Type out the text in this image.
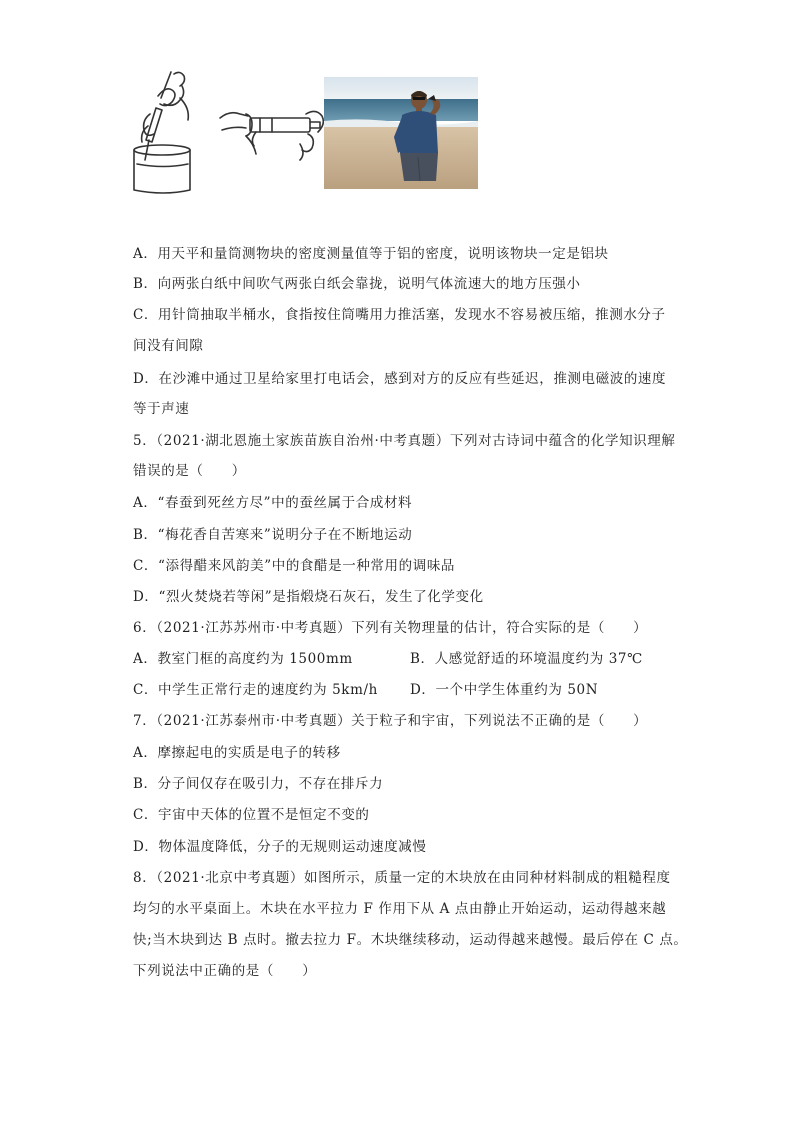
A．用天平和量筒测物块的密度测量值等于铝的密度，说明该物块一定是铝块
B．向两张白纸中间吹气两张白纸会靠拢，说明气体流速大的地方压强小
C．用针筒抽取半桶水，食指按住筒嘴用力推活塞，发现水不容易被压缩，推测水分子
间没有间隙
D．在沙滩中通过卫星给家里打电话会，感到对方的反应有些延迟，推测电磁波的速度
等于声速
5．（2021·湖北恩施土家族苗族自治州·中考真题）下列对古诗词中蕴含的化学知识理解
错误的是（　　）
A．“春蚕到死丝方尽”中的蚕丝属于合成材料
B．“梅花香自苦寒来”说明分子在不断地运动
C．“添得醋来风韵美”中的食醋是一种常用的调味品
D．“烈火焚烧若等闲”是指煅烧石灰石，发生了化学变化
6．（2021·江苏苏州市·中考真题）下列有关物理量的估计，符合实际的是（　　）
A．教室门框的高度约为 1500mm	B．人感觉舒适的环境温度约为 37℃
C．中学生正常行走的速度约为 5km/h D．一个中学生体重约为 50N
7．（2021·江苏泰州市·中考真题）关于粒子和宇宙，下列说法不正确的是（　　）
A．摩擦起电的实质是电子的转移
B．分子间仅存在吸引力，不存在排斥力
C．宇宙中天体的位置不是恒定不变的
D．物体温度降低，分子的无规则运动速度减慢
8．（2021·北京中考真题）如图所示，质量一定的木块放在由同种材料制成的粗糙程度
均匀的水平桌面上。木块在水平拉力 F 作用下从 A 点由静止开始运动，运动得越来越
快;当木块到达 B 点时。撤去拉力 F。木块继续移动，运动得越来越慢。最后停在 C 点。
下列说法中正确的是（　　）
